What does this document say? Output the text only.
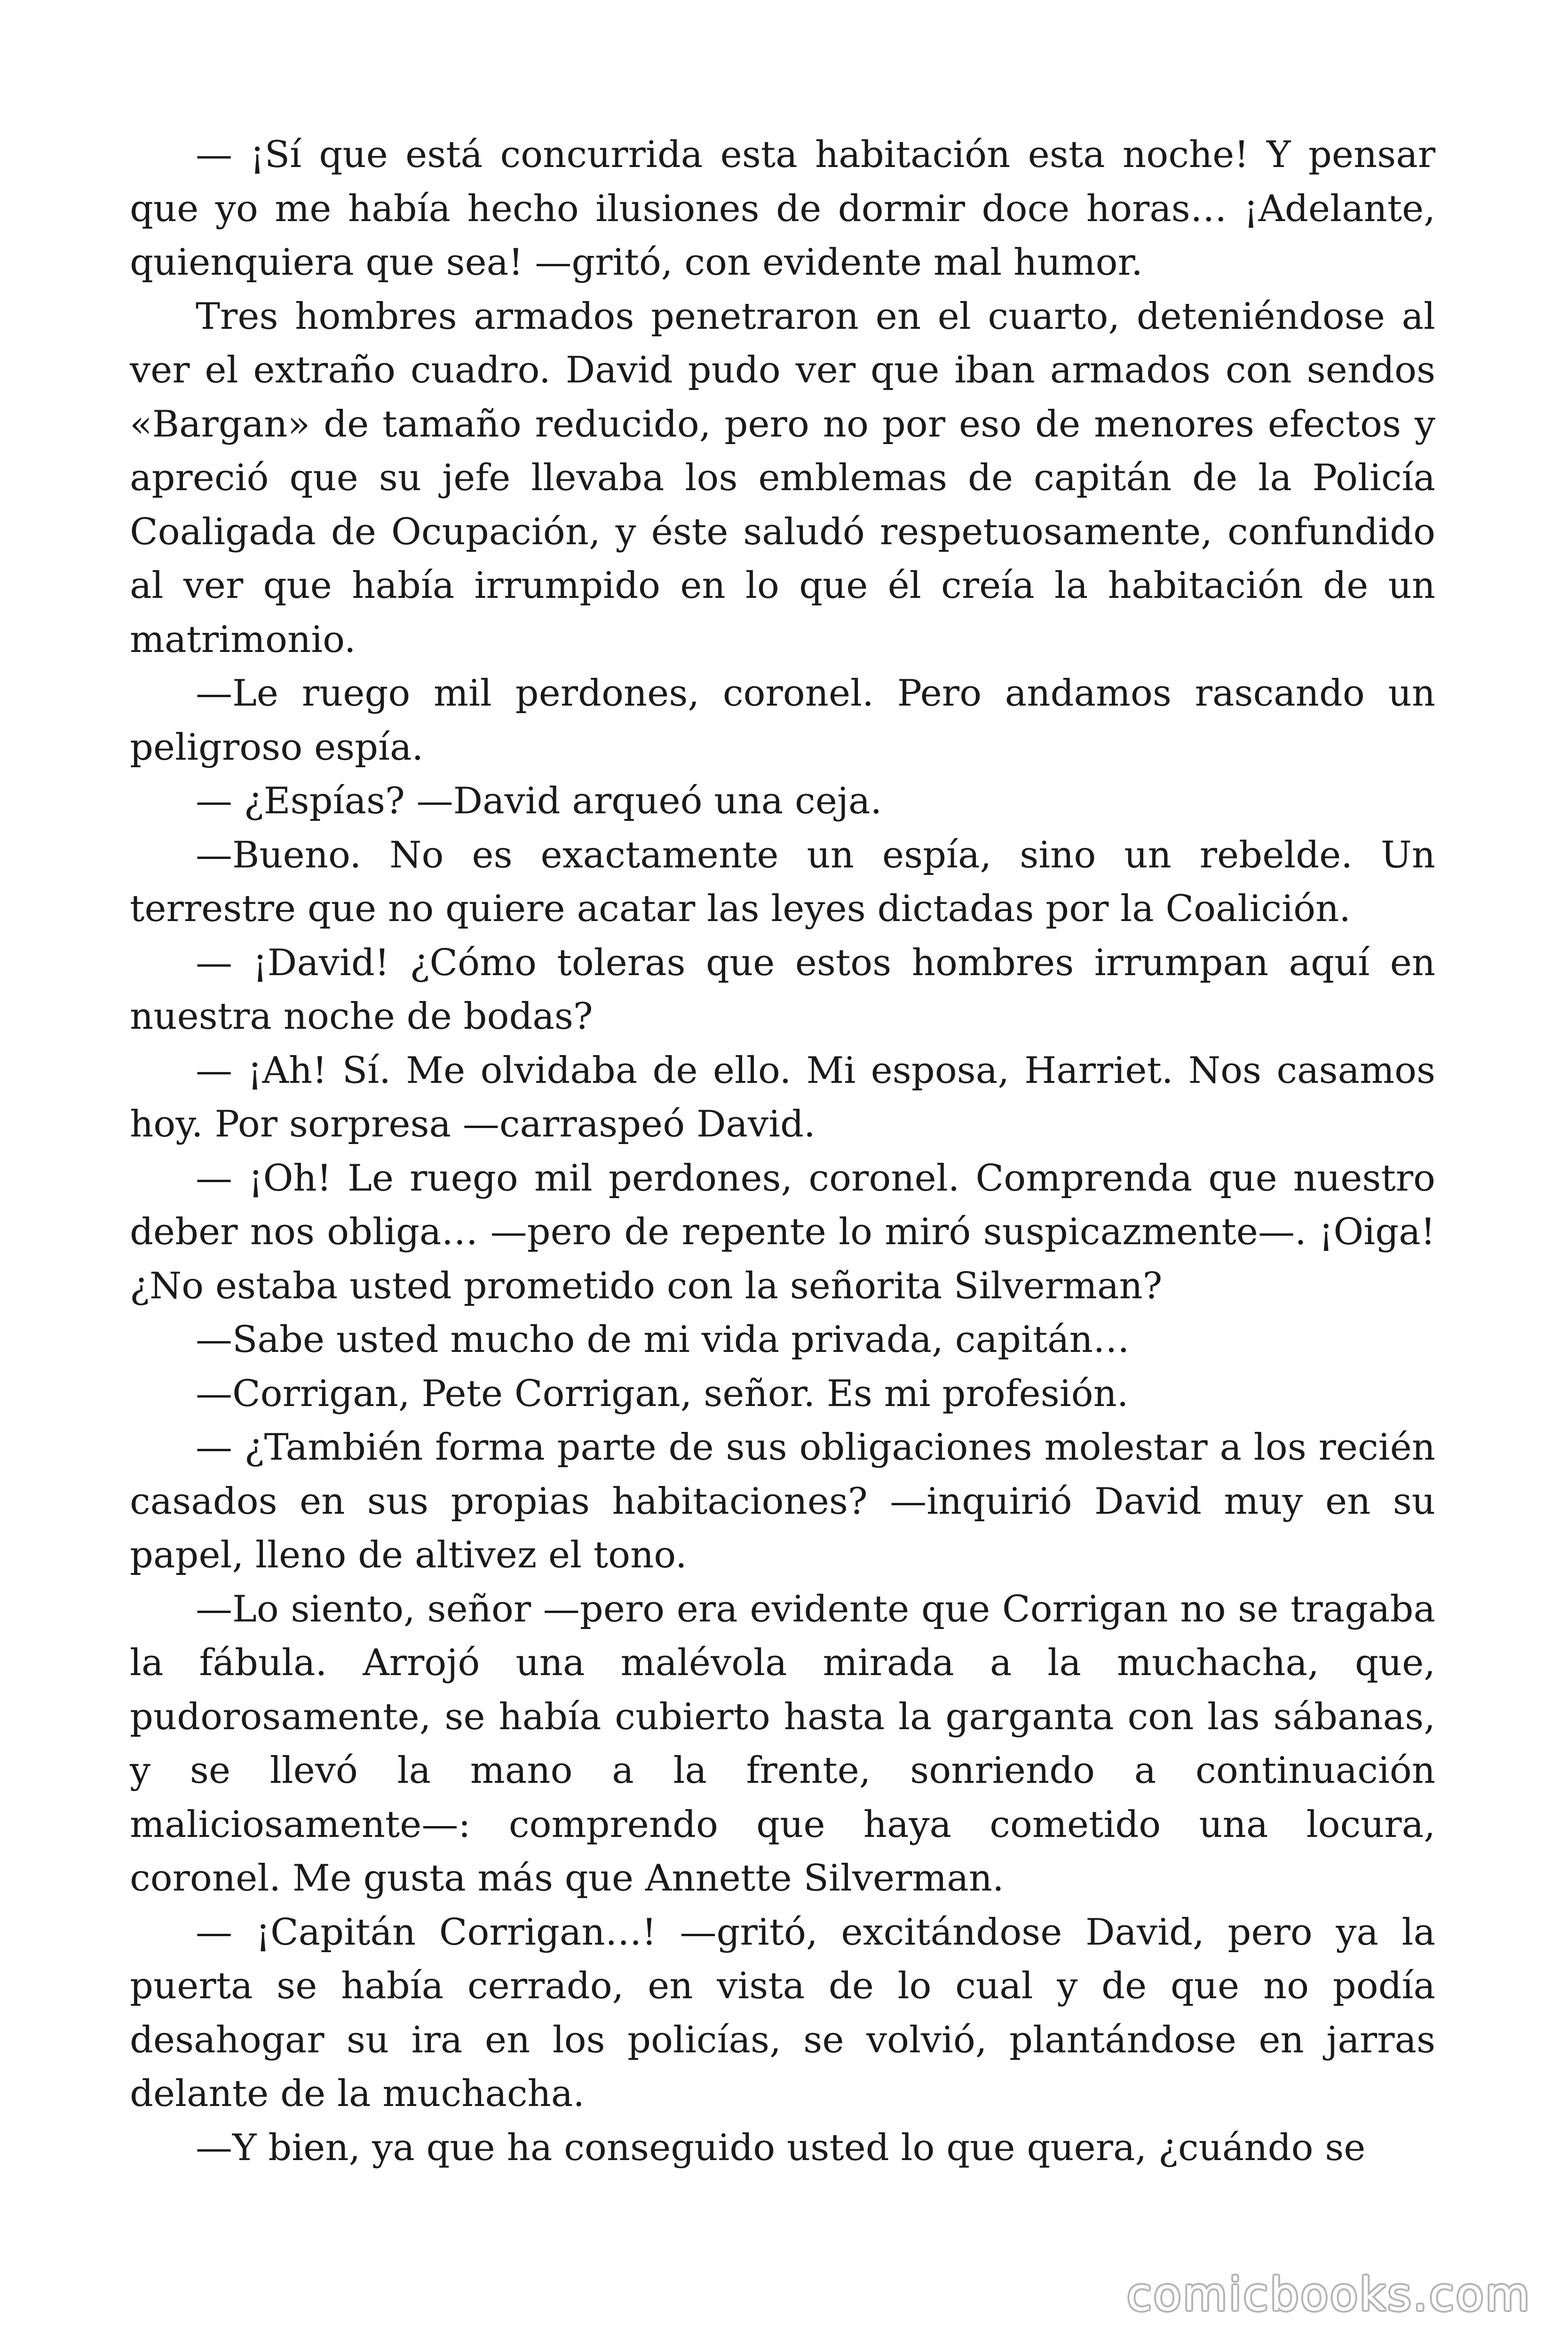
— ¡Sí que está concurrida esta habitación esta noche! Y pensar que yo me había hecho ilusiones de dormir doce horas… ¡Adelante, quienquiera que sea! —gritó, con evidente mal humor.

Tres hombres armados penetraron en el cuarto, deteniéndose al ver el extraño cuadro. David pudo ver que iban armados con sendos «Bargan» de tamaño reducido, pero no por eso de menores efectos y apreció que su jefe llevaba los emblemas de capitán de la Policía Coaligada de Ocupación, y éste saludó respetuosamente, confundido al ver que había irrumpido en lo que él creía la habitación de un matrimonio.

—Le ruego mil perdones, coronel. Pero andamos rascando un peligroso espía.

— ¿Espías? —David arqueó una ceja.

—Bueno. No es exactamente un espía, sino un rebelde. Un terrestre que no quiere acatar las leyes dictadas por la Coalición.

— ¡David! ¿Cómo toleras que estos hombres irrumpan aquí en nuestra noche de bodas?

— ¡Ah! Sí. Me olvidaba de ello. Mi esposa, Harriet. Nos casamos hoy. Por sorpresa —carraspeó David.

— ¡Oh! Le ruego mil perdones, coronel. Comprenda que nuestro deber nos obliga… —pero de repente lo miró suspicazmente—. ¡Oiga! ¿No estaba usted prometido con la señorita Silverman?

—Sabe usted mucho de mi vida privada, capitán…

—Corrigan, Pete Corrigan, señor. Es mi profesión.

— ¿También forma parte de sus obligaciones molestar a los recién casados en sus propias habitaciones? —inquirió David muy en su papel, lleno de altivez el tono.

—Lo siento, señor —pero era evidente que Corrigan no se tragaba la fábula. Arrojó una malévola mirada a la muchacha, que, pudorosamente, se había cubierto hasta la garganta con las sábanas, y se llevó la mano a la frente, sonriendo a continuación maliciosamente—: comprendo que haya cometido una locura, coronel. Me gusta más que Annette Silverman.

— ¡Capitán Corrigan…! —gritó, excitándose David, pero ya la puerta se había cerrado, en vista de lo cual y de que no podía desahogar su ira en los policías, se volvió, plantándose en jarras delante de la muchacha.

—Y bien, ya que ha conseguido usted lo que quera, ¿cuándo se

comicbooks.com
